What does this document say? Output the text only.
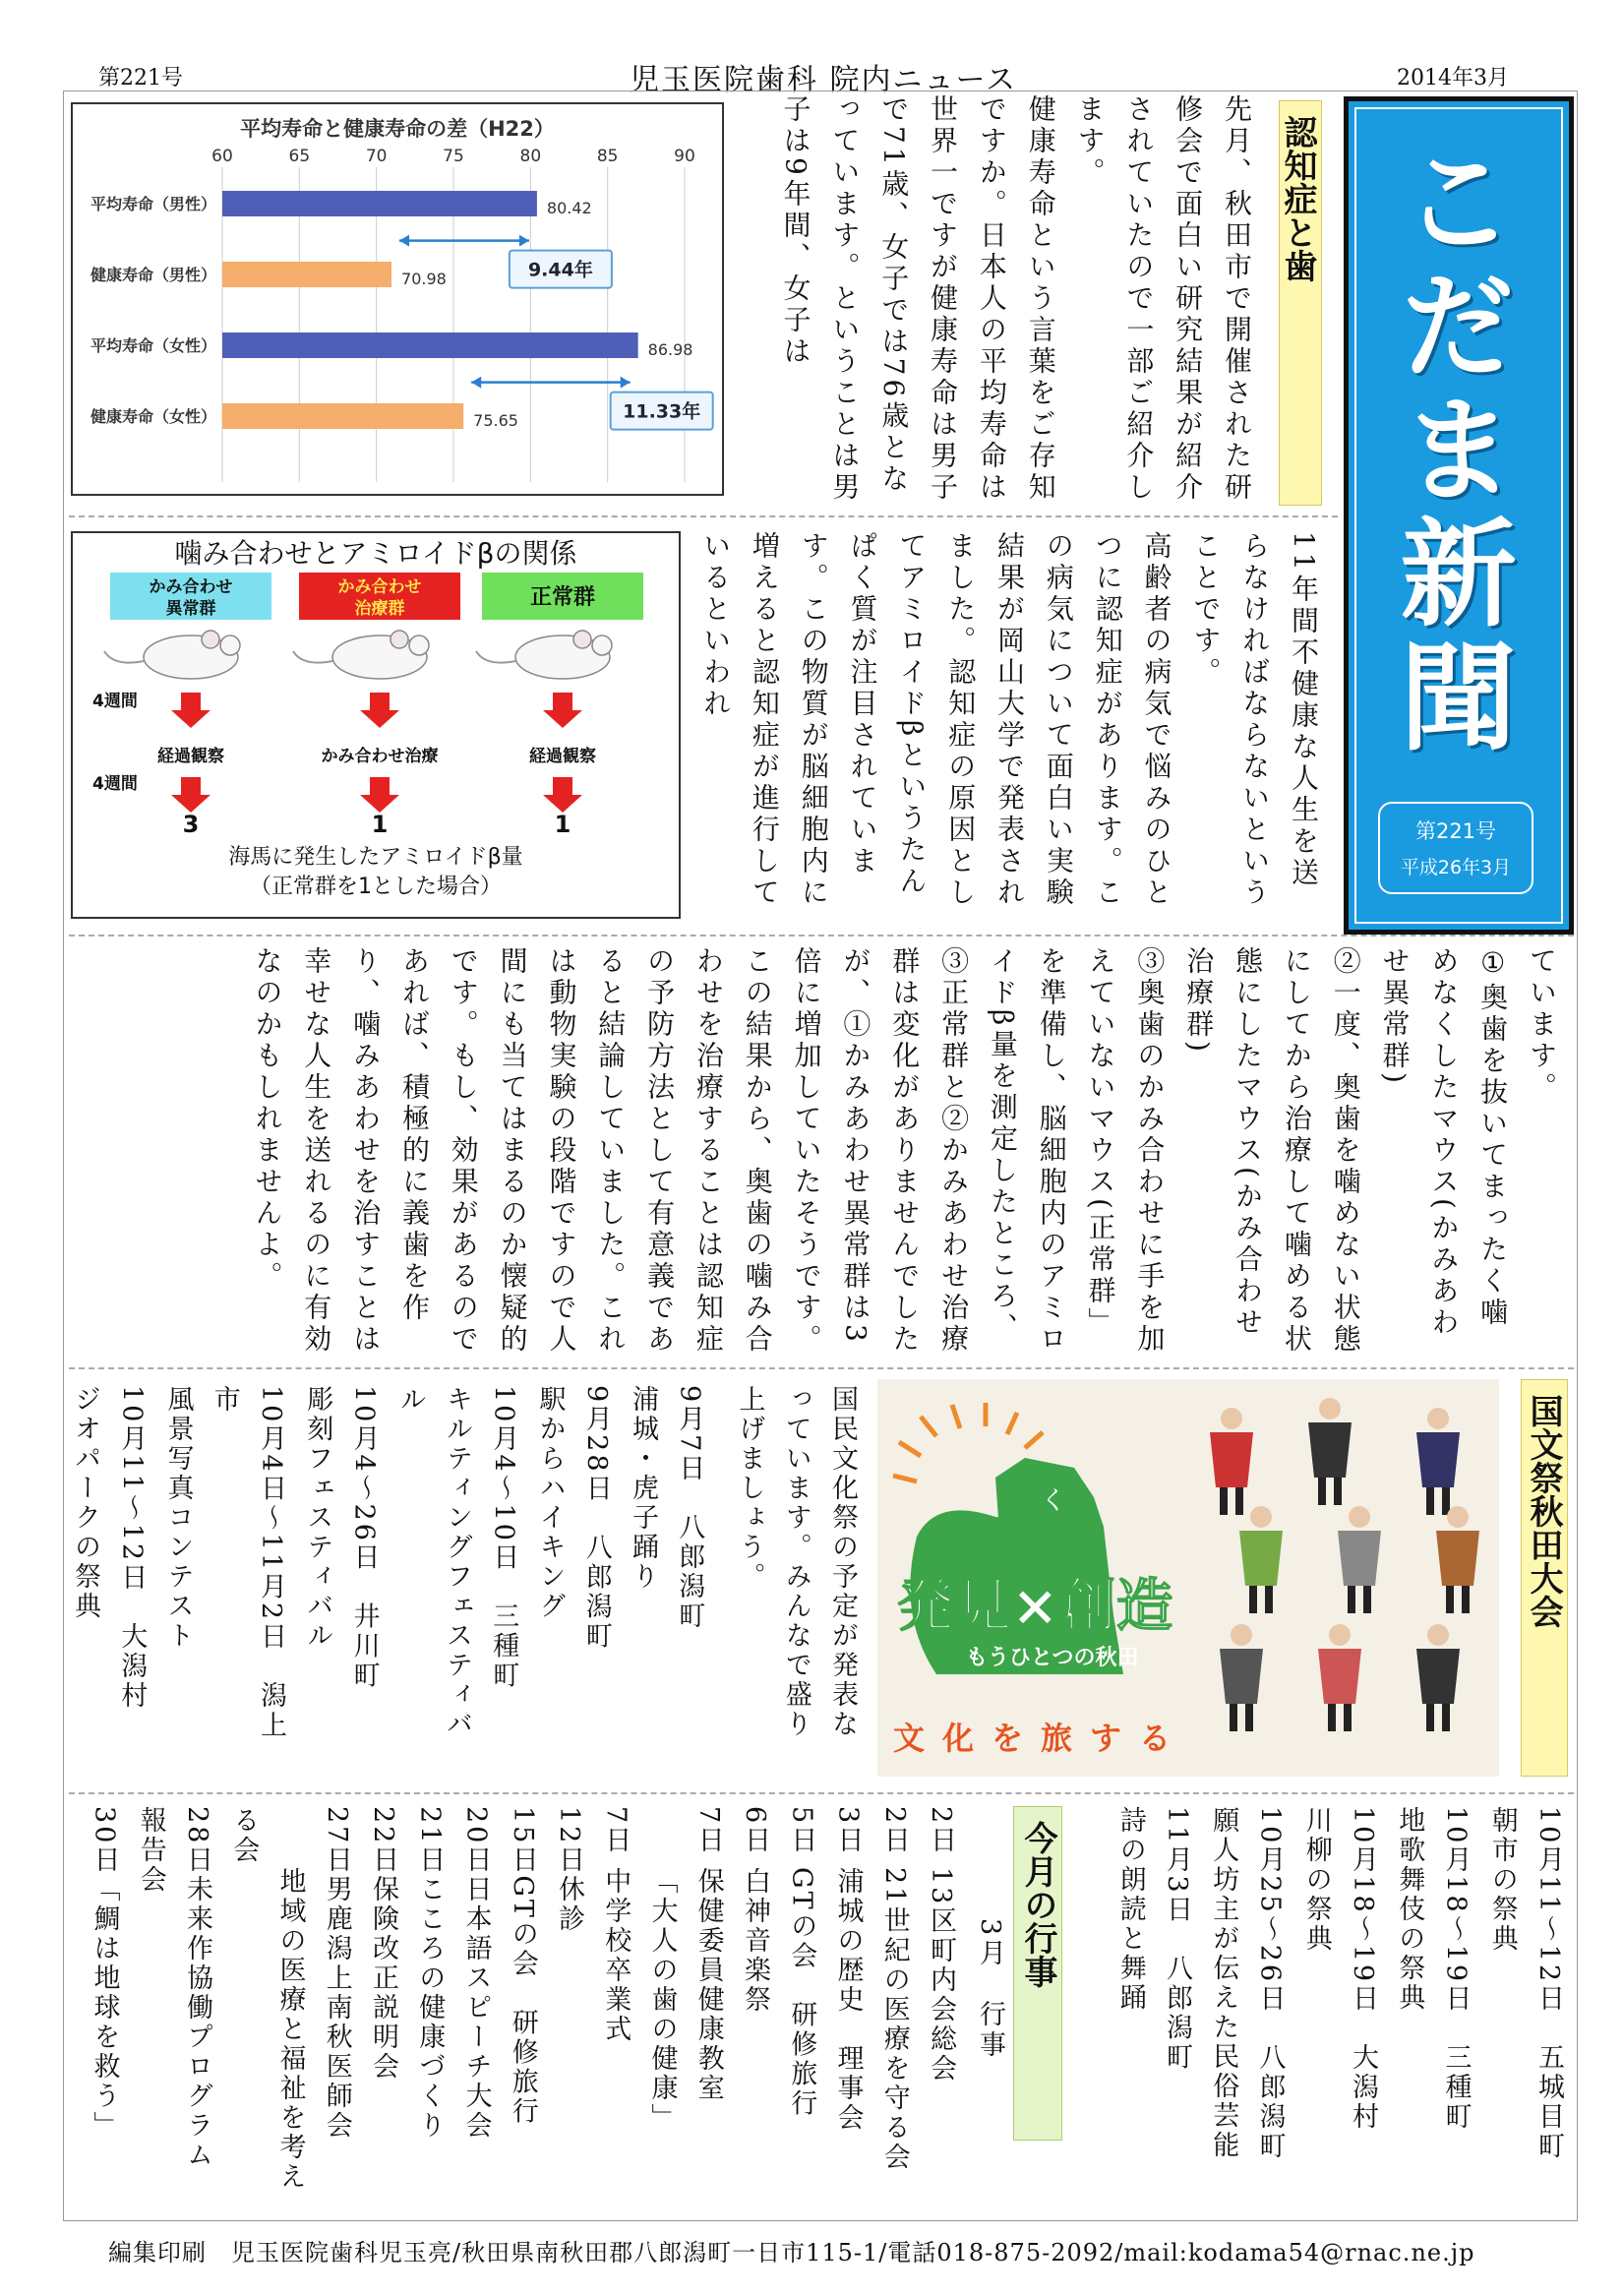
第221号	児玉医院歯科 院内ニュース	2014年3月
こだま新聞
第221号
平成26年3月
認知症と歯
平均寿命と健康寿命の差（H22）
60	65	70	75	80	85	90
平均寿命（男性）
健康寿命（男性）
平均寿命（女性）
健康寿命（女性）
80.42
70.98
86.98
75.65
9.44年
11.33年	先月、秋田市で開催された研修会で面白い研究結果が紹介されていたので一部ご紹介します。
健康寿命という言葉をご存知ですか。日本人の平均寿命は世界一ですが健康寿命は男子で71歳、女子では76歳となっています。ということは男子は9年間、女子は
噛み合わせとアミロイドβの関係
かみ合わせ
異常群
経過観察
3
かみ合わせ
治療群
かみ合わせ治療
1
正常群
経過観察
1
4週間
4週間
海馬に発生したアミロイドβ量
（正常群を1とした場合）	11年間不健康な人生を送らなければならないということです。
高齢者の病気で悩みのひとつに認知症があります。この病気について面白い実験結果が岡山大学で発表されました。認知症の原因としてアミロイドβというたんぱく質が注目されています。この物質が脳細胞内に増えると認知症が進行しているといわれ
ています。
①奥歯を抜いてまったく噛めなくしたマウス(かみあわせ異常群)
②一度、奥歯を噛めない状態にしてから治療して噛める状態にしたマウス(かみ合わせ治療群)
③奥歯のかみ合わせに手を加えていないマウス(正常群」を準備し、脳細胞内のアミロイドβ量を測定したところ、③正常群と②かみあわせ治療群は変化がありませんでしたが、①かみあわせ異常群は3倍に増加していたそうです。
この結果から、奥歯の噛み合わせを治療することは認知症の予防方法として有意義であると結論していました。これは動物実験の段階ですので人間にも当てはまるのか懐疑的です。もし、効果があるのであれば、積極的に義歯を作り、噛みあわせを治すことは幸せな人生を送れるのに有効なのかもしれませんよ。
国文祭秋田大会
く
発見×創造
もうひとつの秋田
文化を旅する
国民文化祭の予定が発表なっています。みんなで盛り上げましょう。
9月7日　八郎潟町
浦城・虎子踊り
9月28日　八郎潟町
駅からハイキング
10月4～10日　三種町
キルティングフェスティバル
10月4～26日　井川町
彫刻フェスティバル
10月4日～11月2日　潟上市
風景写真コンテスト
10月11～12日　大潟村
ジオパークの祭典
今月の行事	10月11～12日　五城目町
朝市の祭典
10月18～19日　三種町
地歌舞伎の祭典
10月18～19日　大潟村
川柳の祭典
10月25～26日　八郎潟町
願人坊主が伝えた民俗芸能
11月3日　八郎潟町
詩の朗読と舞踊
3月　行事
2日13区町内会総会
2日21世紀の医療を守る会
3日浦城の歴史　理事会
5日GTの会　研修旅行
6日白神音楽祭
7日保健委員健康教室
「大人の歯の健康」
7日中学校卒業式
12日休診
15日GTの会　研修旅行
20日日本語スピーチ大会
21日こころの健康づくり
22日保険改正説明会
27日男鹿潟上南秋医師会
地域の医療と福祉を考える会
28日未来作協働プログラム報告会
30日「鯛は地球を救う」
編集印刷　児玉医院歯科児玉亮/秋田県南秋田郡八郎潟町一日市115-1/電話018-875-2092/mail:kodama54@rnac.ne.jp
